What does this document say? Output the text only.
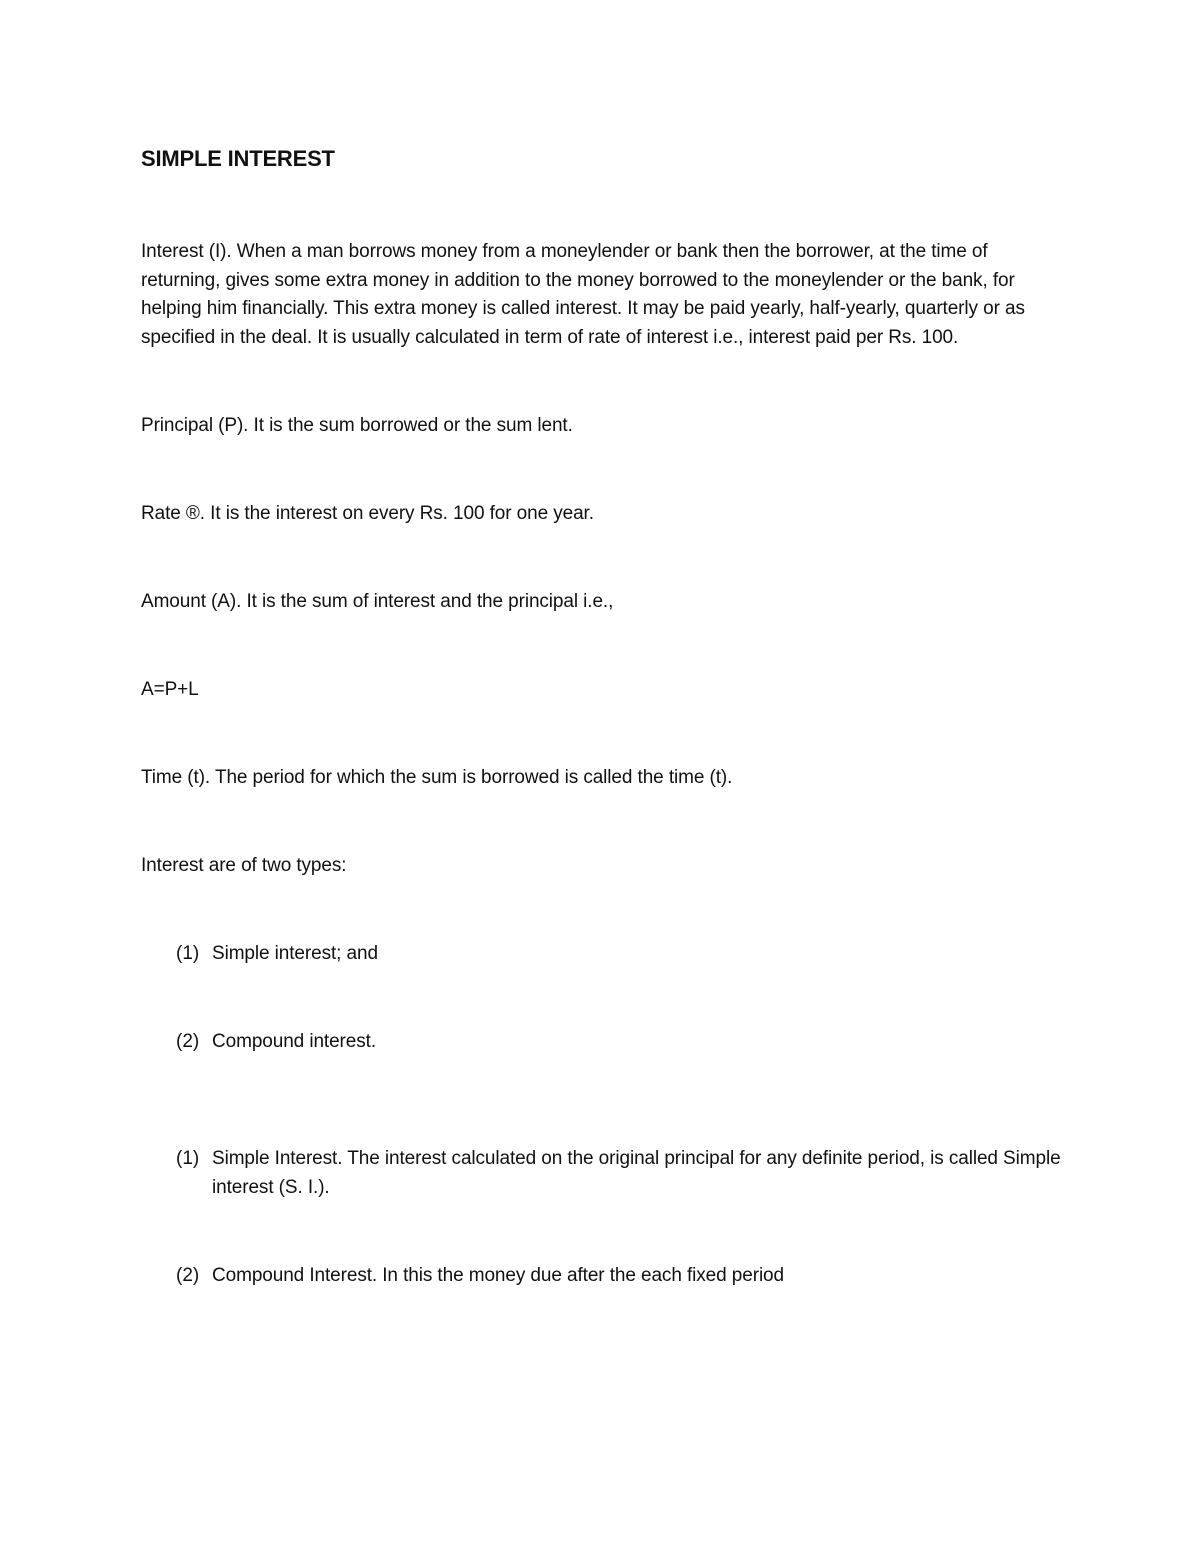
SIMPLE INTEREST

Interest (I). When a man borrows money from a moneylender or bank then the borrower, at the time of returning, gives some extra money in addition to the money borrowed to the moneylender or the bank, for helping him financially. This extra money is called interest. It may be paid yearly, half-yearly, quarterly or as specified in the deal. It is usually calculated in term of rate of interest i.e., interest paid per Rs. 100.

Principal (P). It is the sum borrowed or the sum lent.

Rate ®. It is the interest on every Rs. 100 for one year.

Amount (A). It is the sum of interest and the principal i.e.,

A=P+L

Time (t). The period for which the sum is borrowed is called the time (t).

Interest are of two types:

(1) Simple interest; and
(2) Compound interest.
(1) Simple Interest. The interest calculated on the original principal for any definite period, is called Simple interest (S. I.).
(2) Compound Interest. In this the money due after the each fixed period
